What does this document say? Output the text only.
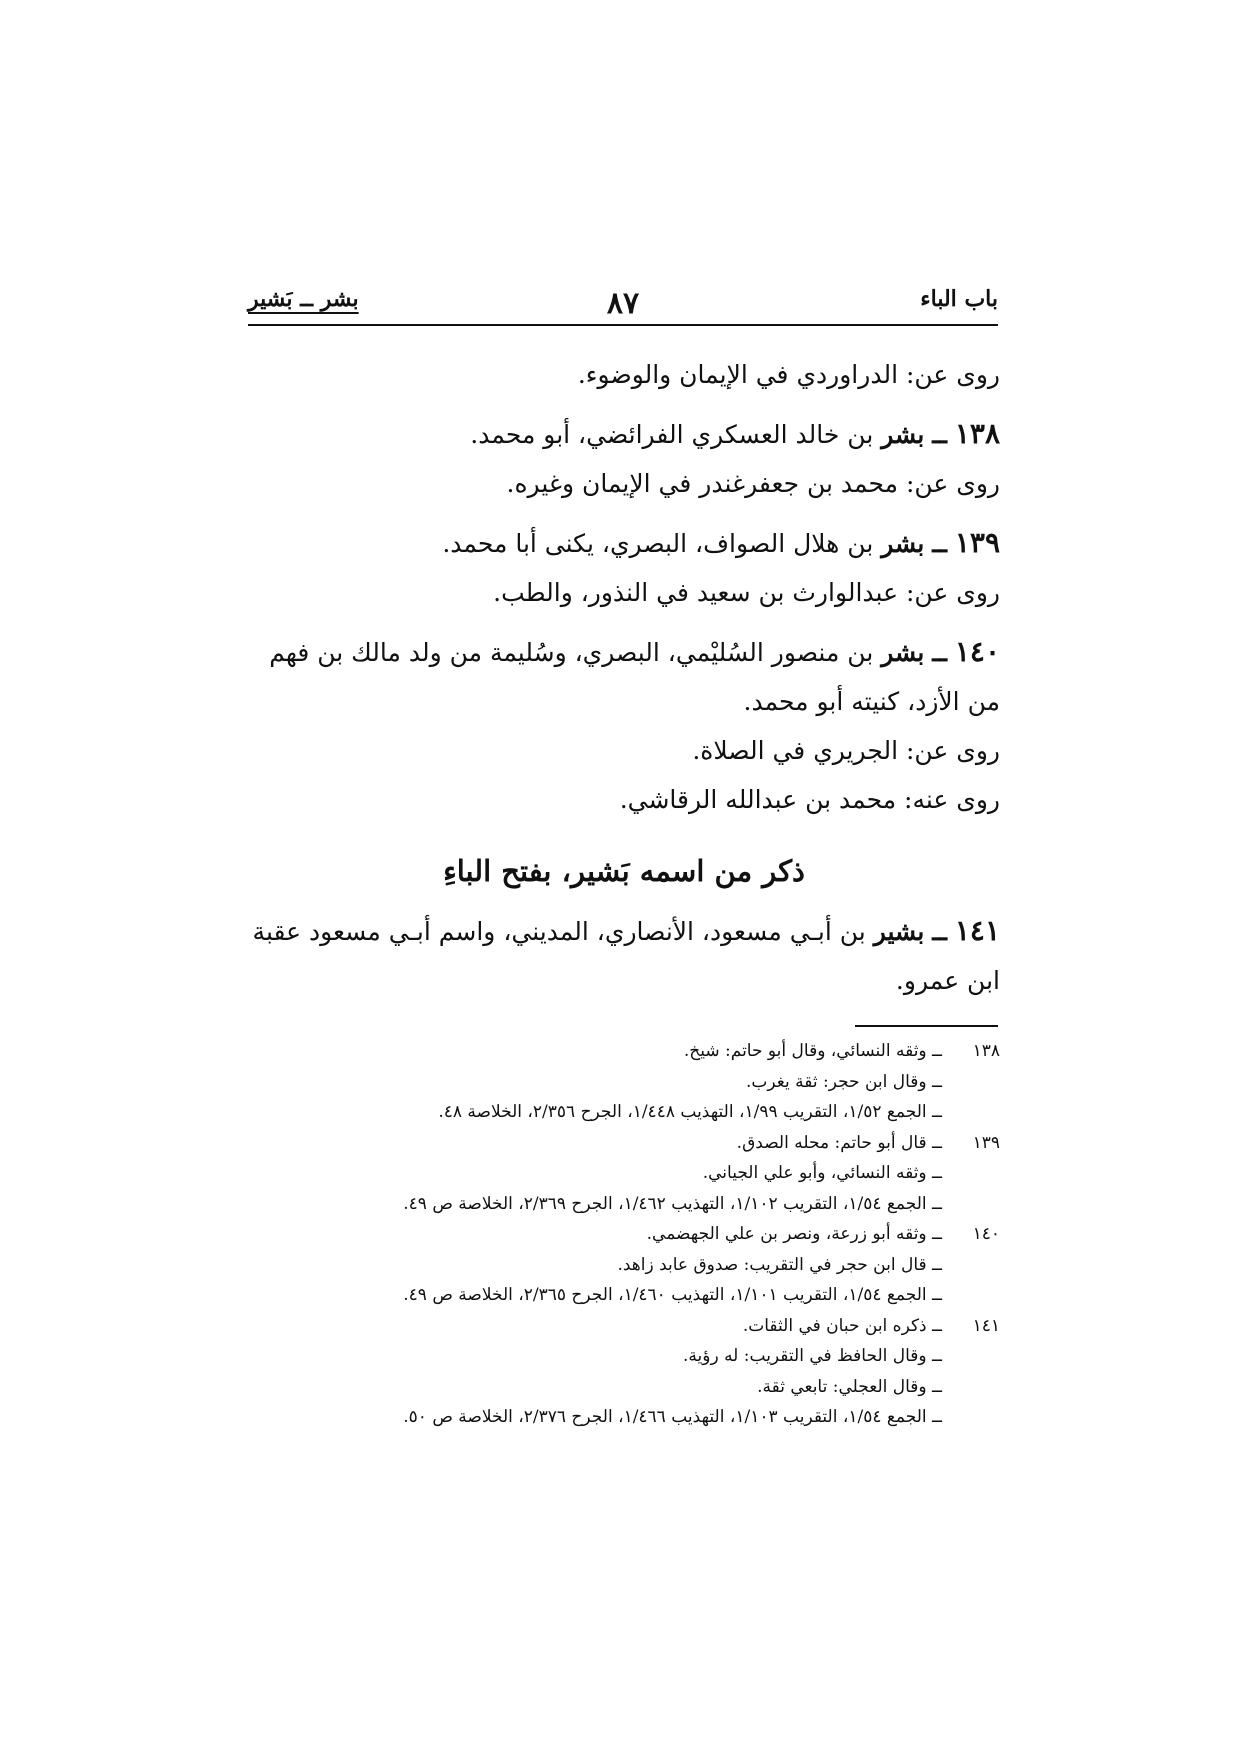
باب الباء
٨٧
بشر ــ بَشير
روى عن: الدراوردي في الإيمان والوضوء.
١٣٨ ــ بشر بن خالد العسكري الفرائضي، أبو محمد.
روى عن: محمد بن جعفرغندر في الإيمان وغيره.
١٣٩ ــ بشر بن هلال الصواف، البصري، يكنى أبا محمد.
روى عن: عبدالوارث بن سعيد في النذور، والطب.
١٤٠ ــ بشر بن منصور السُليْمي، البصري، وسُليمة من ولد مالك بن فهم من الأزد، كنيته أبو محمد.
روى عن: الجريري في الصلاة.
روى عنه: محمد بن عبدالله الرقاشي.
ذكر من اسمه بَشير، بفتح الباءِ
١٤١ ــ بشير بن أبـي مسعود، الأنصاري، المديني، واسم أبـي مسعود عقبة ابن عمرو.
١٣٨ــ وثقه النسائي، وقال أبو حاتم: شيخ.
ــ وقال ابن حجر: ثقة يغرب.
ــ الجمع ١/٥٢، التقريب ١/٩٩، التهذيب ١/٤٤٨، الجرح ٢/٣٥٦، الخلاصة ٤٨.
١٣٩ــ قال أبو حاتم: محله الصدق.
ــ وثقه النسائي، وأبو علي الجياني.
ــ الجمع ١/٥٤، التقريب ١/١٠٢، التهذيب ١/٤٦٢، الجرح ٢/٣٦٩، الخلاصة ص ٤٩.
١٤٠ــ وثقه أبو زرعة، ونصر بن علي الجهضمي.
ــ قال ابن حجر في التقريب: صدوق عابد زاهد.
ــ الجمع ١/٥٤، التقريب ١/١٠١، التهذيب ١/٤٦٠، الجرح ٢/٣٦٥، الخلاصة ص ٤٩.
١٤١ــ ذكره ابن حبان في الثقات.
ــ وقال الحافظ في التقريب: له رؤية.
ــ وقال العجلي: تابعي ثقة.
ــ الجمع ١/٥٤، التقريب ١/١٠٣، التهذيب ١/٤٦٦، الجرح ٢/٣٧٦، الخلاصة ص ٥٠.
